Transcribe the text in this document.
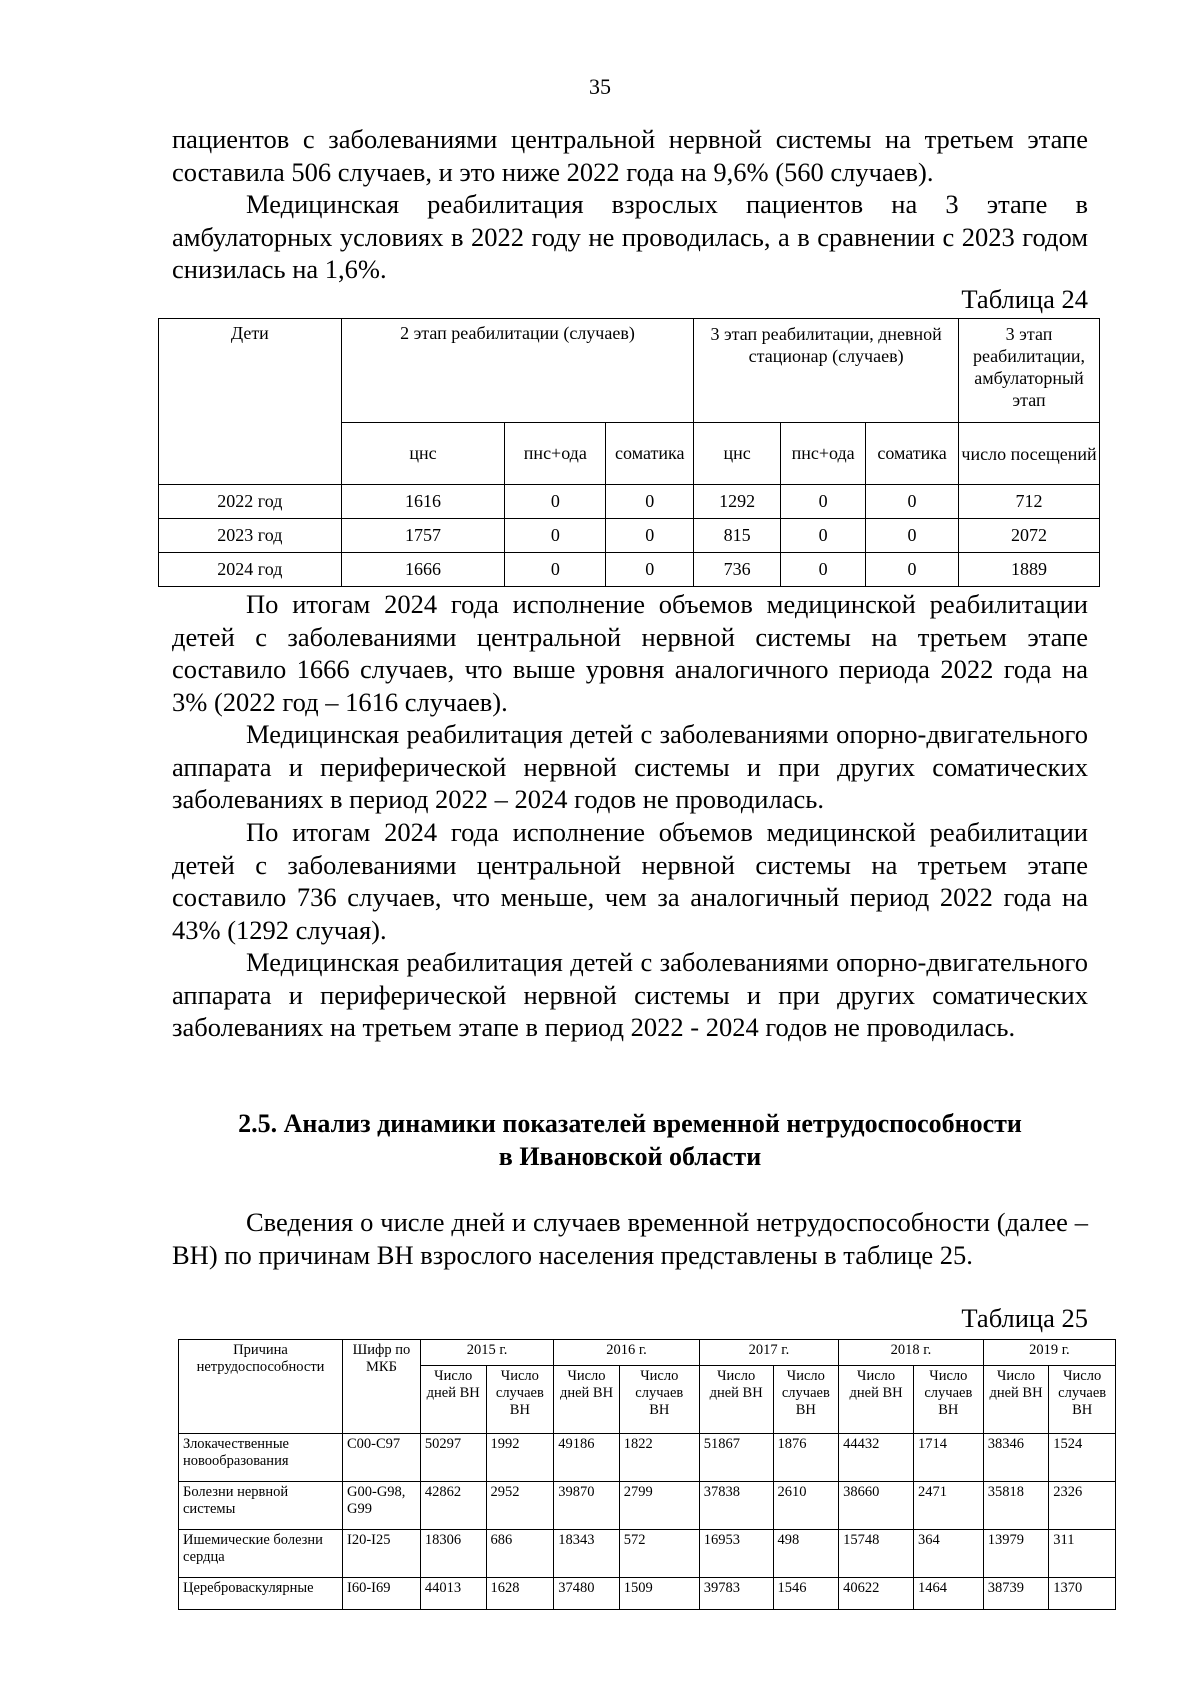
35

пациентов с заболеваниями центральной нервной системы на третьем этапе составила 506 случаев, и это ниже 2022 года на 9,6% (560 случаев).

Медицинская реабилитация взрослых пациентов на 3 этапе в амбулаторных условиях в 2022 году не проводилась, а в сравнении с 2023 годом снизилась на 1,6%.

Таблица 24
Дети	2 этап реабилитации (случаев)			3 этап реабилитации, дневной стационар (случаев)			3 этап реабилитации, амбулаторный этап
	цнс	пнс+ода	соматика	цнс	пнс+ода	соматика	число посещений
2022 год	1616	0	0	1292	0	0	712
2023 год	1757	0	0	815	0	0	2072
2024 год	1666	0	0	736	0	0	1889

По итогам 2024 года исполнение объемов медицинской реабилитации детей с заболеваниями центральной нервной системы на третьем этапе составило 1666 случаев, что выше уровня аналогичного периода 2022 года на 3% (2022 год – 1616 случаев).

Медицинская реабилитация детей с заболеваниями опорно-двигательного аппарата и периферической нервной системы и при других соматических заболеваниях в период 2022 – 2024 годов не проводилась.

По итогам 2024 года исполнение объемов медицинской реабилитации детей с заболеваниями центральной нервной системы на третьем этапе составило 736 случаев, что меньше, чем за аналогичный период 2022 года на 43% (1292 случая).

Медицинская реабилитация детей с заболеваниями опорно-двигательного аппарата и периферической нервной системы и при других соматических заболеваниях на третьем этапе в период 2022 - 2024 годов не проводилась.

2.5. Анализ динамики показателей временной нетрудоспособности
в Ивановской области

Сведения о числе дней и случаев временной нетрудоспособности (далее – ВН) по причинам ВН взрослого населения представлены в таблице 25.

Таблица 25
Причина нетрудоспособности	Шифр по МКБ	2015 г.		2016 г.		2017 г.		2018 г.		2019 г.	
		Число дней ВН	Число случаев ВН	Число дней ВН	Число случаев ВН	Число дней ВН	Число случаев ВН	Число дней ВН	Число случаев ВН	Число дней ВН	Число случаев ВН
Злокачественные новообразования	C00-C97	50297	1992	49186	1822	51867	1876	44432	1714	38346	1524
Болезни нервной системы	G00-G98, G99	42862	2952	39870	2799	37838	2610	38660	2471	35818	2326
Ишемические болезни сердца	I20-I25	18306	686	18343	572	16953	498	15748	364	13979	311
Цереброваскулярные	I60-I69	44013	1628	37480	1509	39783	1546	40622	1464	38739	1370
